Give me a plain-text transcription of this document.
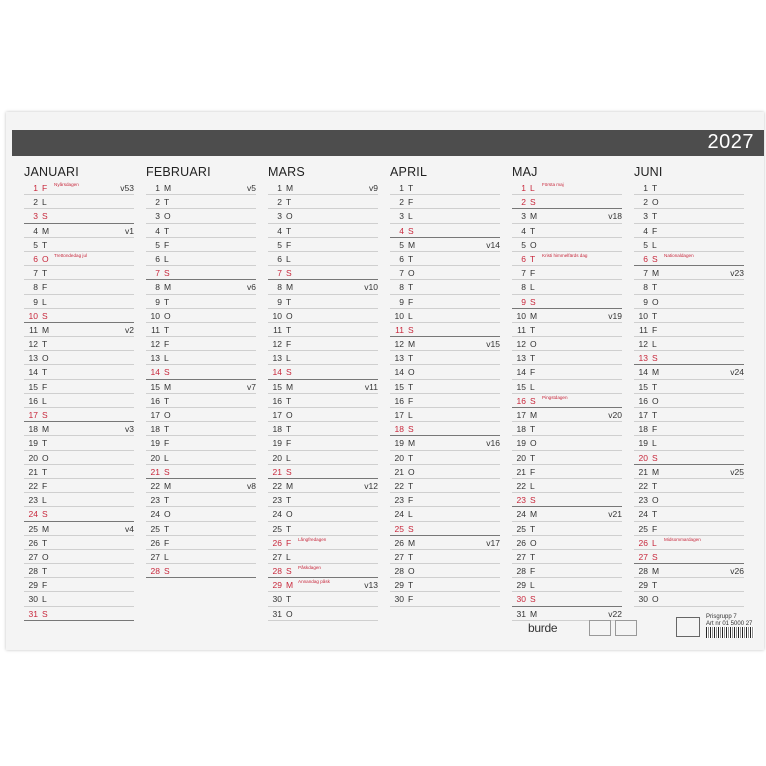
2027
JANUARI
1 F Nyårsdagen	v53
2 L
3 S
4 M	v1
5 T
6 O Trettondedag jul
7 T
8 F
9 L
10 S
11 M	v2
12 T
13 O
14 T
15 F
16 L
17 S
18 M	v3
19 T
20 O
21 T
22 F
23 L
24 S
25 M	v4
26 T
27 O
28 T
29 F
30 L
31 S
FEBRUARI
1 M	v5
2 T
3 O
4 T
5 F
6 L
7 S
8 M	v6
9 T
10 O
11 T
12 F
13 L
14 S
15 M	v7
16 T
17 O
18 T
19 F
20 L
21 S
22 M	v8
23 T
24 O
25 T
26 F
27 L
28 S
MARS
1 M	v9
2 T
3 O
4 T
5 F
6 L
7 S
8 M	v10
9 T
10 O
11 T
12 F
13 L
14 S
15 M	v11
16 T
17 O
18 T
19 F
20 L
21 S
22 M	v12
23 T
24 O
25 T
26 F Långfredagen
27 L
28 S Påskdagen
29 M Annandag påsk	v13
30 T
31 O
APRIL
1 T
2 F
3 L
4 S
5 M	v14
6 T
7 O
8 T
9 F
10 L
11 S
12 M	v15
13 T
14 O
15 T
16 F
17 L
18 S
19 M	v16
20 T
21 O
22 T
23 F
24 L
25 S
26 M	v17
27 T
28 O
29 T
30 F
MAJ
1 L Första maj
2 S
3 M	v18
4 T
5 O
6 T Kristi himmelfärds dag
7 F
8 L
9 S
10 M	v19
11 T
12 O
13 T
14 F
15 L
16 S Pingstdagen
17 M	v20
18 T
19 O
20 T
21 F
22 L
23 S
24 M	v21
25 T
26 O
27 T
28 F
29 L
30 S
31 M	v22
JUNI
1 T
2 O
3 T
4 F
5 L
6 S Nationaldagen
7 M	v23
8 T
9 O
10 T
11 F
12 L
13 S
14 M	v24
15 T
16 O
17 T
18 F
19 L
20 S
21 M	v25
22 T
23 O
24 T
25 F
26 L Midsommardagen
27 S
28 M	v26
29 T
30 O
burde
Prisgrupp 7
Art nr 01 5000 27
